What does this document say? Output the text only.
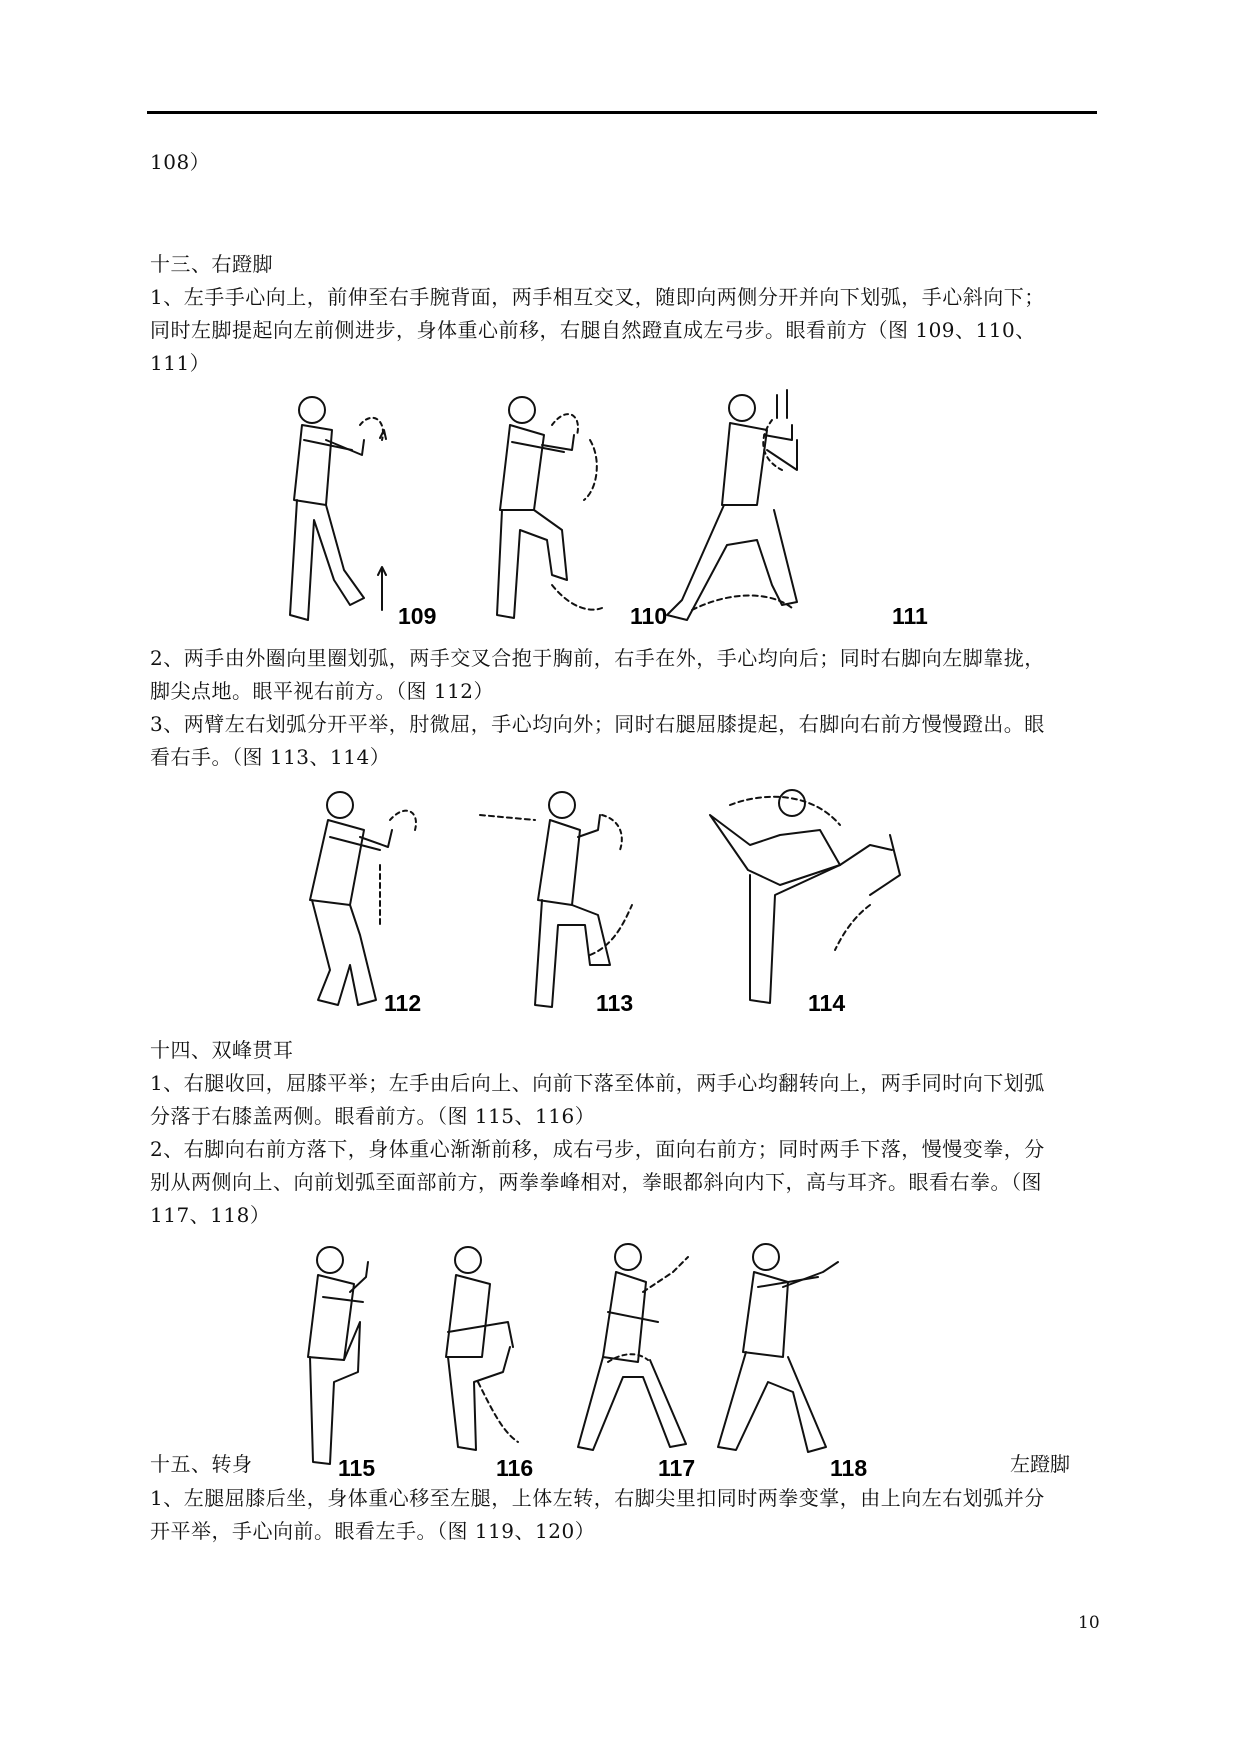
108）
十三、右蹬脚
1、左手手心向上，前伸至右手腕背面，两手相互交叉，随即向两侧分开并向下划弧，手心斜向下；
同时左脚提起向左前侧进步，身体重心前移，右腿自然蹬直成左弓步。眼看前方（图 109、110、
111）
109	110	111
2、两手由外圈向里圈划弧，两手交叉合抱于胸前，右手在外，手心均向后；同时右脚向左脚靠拢，
脚尖点地。眼平视右前方。（图 112）
3、两臂左右划弧分开平举，肘微屈，手心均向外；同时右腿屈膝提起，右脚向右前方慢慢蹬出。眼
看右手。（图 113、114）
112	113	114
十四、双峰贯耳
1、右腿收回，屈膝平举；左手由后向上、向前下落至体前，两手心均翻转向上，两手同时向下划弧
分落于右膝盖两侧。眼看前方。（图 115、116）
2、右脚向右前方落下，身体重心渐渐前移，成右弓步，面向右前方；同时两手下落，慢慢变拳，分
别从两侧向上、向前划弧至面部前方，两拳拳峰相对，拳眼都斜向内下，高与耳齐。眼看右拳。（图
117、118）
115	116	117	118
十五、转身	左蹬脚
1、左腿屈膝后坐，身体重心移至左腿，上体左转，右脚尖里扣同时两拳变掌，由上向左右划弧并分
开平举，手心向前。眼看左手。（图 119、120）
10
